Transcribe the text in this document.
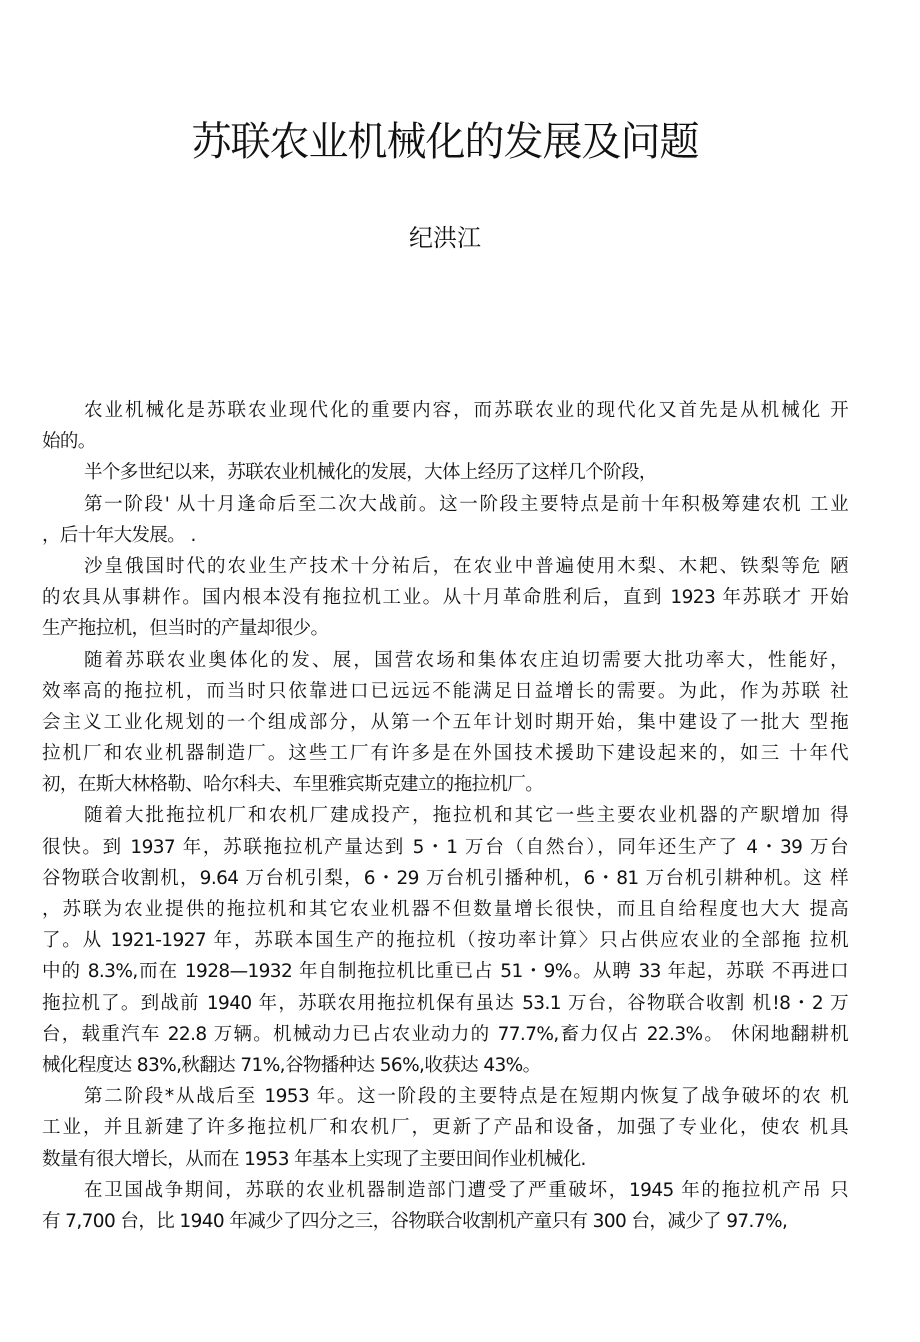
苏联农业机械化的发展及问题
纪洪江
农业机械化是苏联农业现代化的重要内容，而苏联农业的现代化又首先是从机械化 开
始的。
半个多世纪以来，苏联农业机械化的发展，大体上经历了这样几个阶段，
第一阶段' 从十月逢命后至二次大战前。这一阶段主要特点是前十年积极筹建农机 工业
，后十年大发展。 .
沙皇俄国时代的农业生产技术十分祐后，在农业中普遍使用木梨、木耙、铁梨等危 陋
的农具从事耕作。国内根本没有拖拉机工业。从十月革命胜利后，直到 1923 年苏联才 开始
生产拖拉机，但当时的产量却很少。
随着苏联农业奥体化的发、展，国营农场和集体农庄迫切需要大批功率大，性能好，
效率高的拖拉机，而当时只依靠进口已远远不能满足日益增长的需要。为此，作为苏联 社
会主义工业化规划的一个组成部分，从第一个五年计划时期开始，集中建设了一批大 型拖
拉机厂和农业机器制造厂。这些工厂有许多是在外国技术援助下建设起来的，如三 十年代
初，在斯大林格勒、哈尔科夫、车里雅宾斯克建立的拖拉机厂。
随着大批拖拉机厂和农机厂建成投产，拖拉机和其它一些主要农业机器的产駅增加 得
很快。到 1937 年，苏联拖拉机产量达到 5・1 万台（自然台），同年还生产了 4・39 万台
谷物联合收割机，9.64 万台机引梨，6・29 万台机引播种机，6・81 万台机引耕种机。这 样
，苏联为农业提供的拖拉机和其它农业机器不但数量增长很快，而且自给程度也大大 提高
了。从 1921-1927 年，苏联本国生产的拖拉机（按功率计算〉只占供应农业的全部拖 拉机
中的 8.3%,而在 1928—1932 年自制拖拉机比重已占 51・9%。从聘 33 年起，苏联 不再进口
拖拉机了。到战前 1940 年，苏联农用拖拉机保有虽达 53.1 万台，谷物联合收割 机!8・2 万
台，载重汽车 22.8 万辆。机械动力已占农业动力的 77.7%,畜力仅占 22.3%。 休闲地翻耕机
械化程度达 83%,秋翻达 71%,谷物播种达 56%,收获达 43%。
第二阶段*从战后至 1953 年。这一阶段的主要特点是在短期内恢复了战争破坏的农 机
工业，并且新建了许多拖拉机厂和农机厂，更新了产品和设备，加强了专业化，使农 机具
数量有很大增长，从而在 1953 年基本上实现了主要田间作业机械化.
在卫国战争期间，苏联的农业机器制造部门遭受了严重破坏，1945 年的拖拉机产吊 只
有 7,700 台，比 1940 年减少了四分之三，谷物联合收割机产童只有 300 台，减少了 97.7%,
